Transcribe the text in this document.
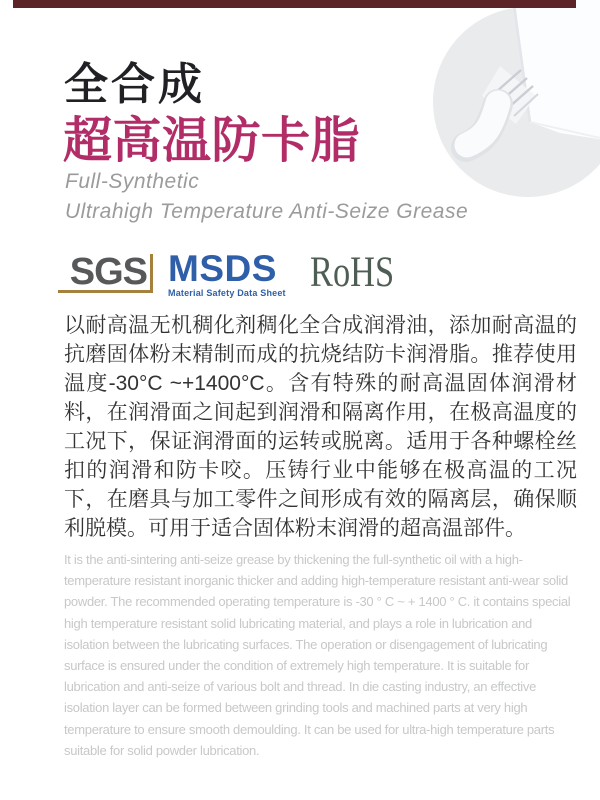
全合成
超高温防卡脂
Full-Synthetic
Ultrahigh Temperature Anti-Seize Grease
SGS MSDS
Material Safety Data Sheet RoHS
以耐高温无机稠化剂稠化全合成润滑油，添加耐高温的抗磨固体粉末精制而成的抗烧结防卡润滑脂。推荐使用温度-30°C ~+1400°C。含有特殊的耐高温固体润滑材料，在润滑面之间起到润滑和隔离作用，在极高温度的工况下，保证润滑面的运转或脱离。适用于各种螺栓丝扣的润滑和防卡咬。压铸行业中能够在极高温的工况下，在磨具与加工零件之间形成有效的隔离层，确保顺利脱模。可用于适合固体粉末润滑的超高温部件。
It is the anti-sintering anti-seize grease by thickening the full-synthetic oil with a high-temperature resistant inorganic thicker and adding high-temperature resistant anti-wear solid powder. The recommended operating temperature is -30 ° C ~ + 1400 ° C. it contains special high temperature resistant solid lubricating material, and plays a role in lubrication and isolation between the lubricating surfaces. The operation or disengagement of lubricating surface is ensured under the condition of extremely high temperature. It is suitable for lubrication and anti-seize of various bolt and thread. In die casting industry, an effective isolation layer can be formed between grinding tools and machined parts at very high temperature to ensure smooth demoulding. It can be used for ultra-high temperature parts suitable for solid powder lubrication.
